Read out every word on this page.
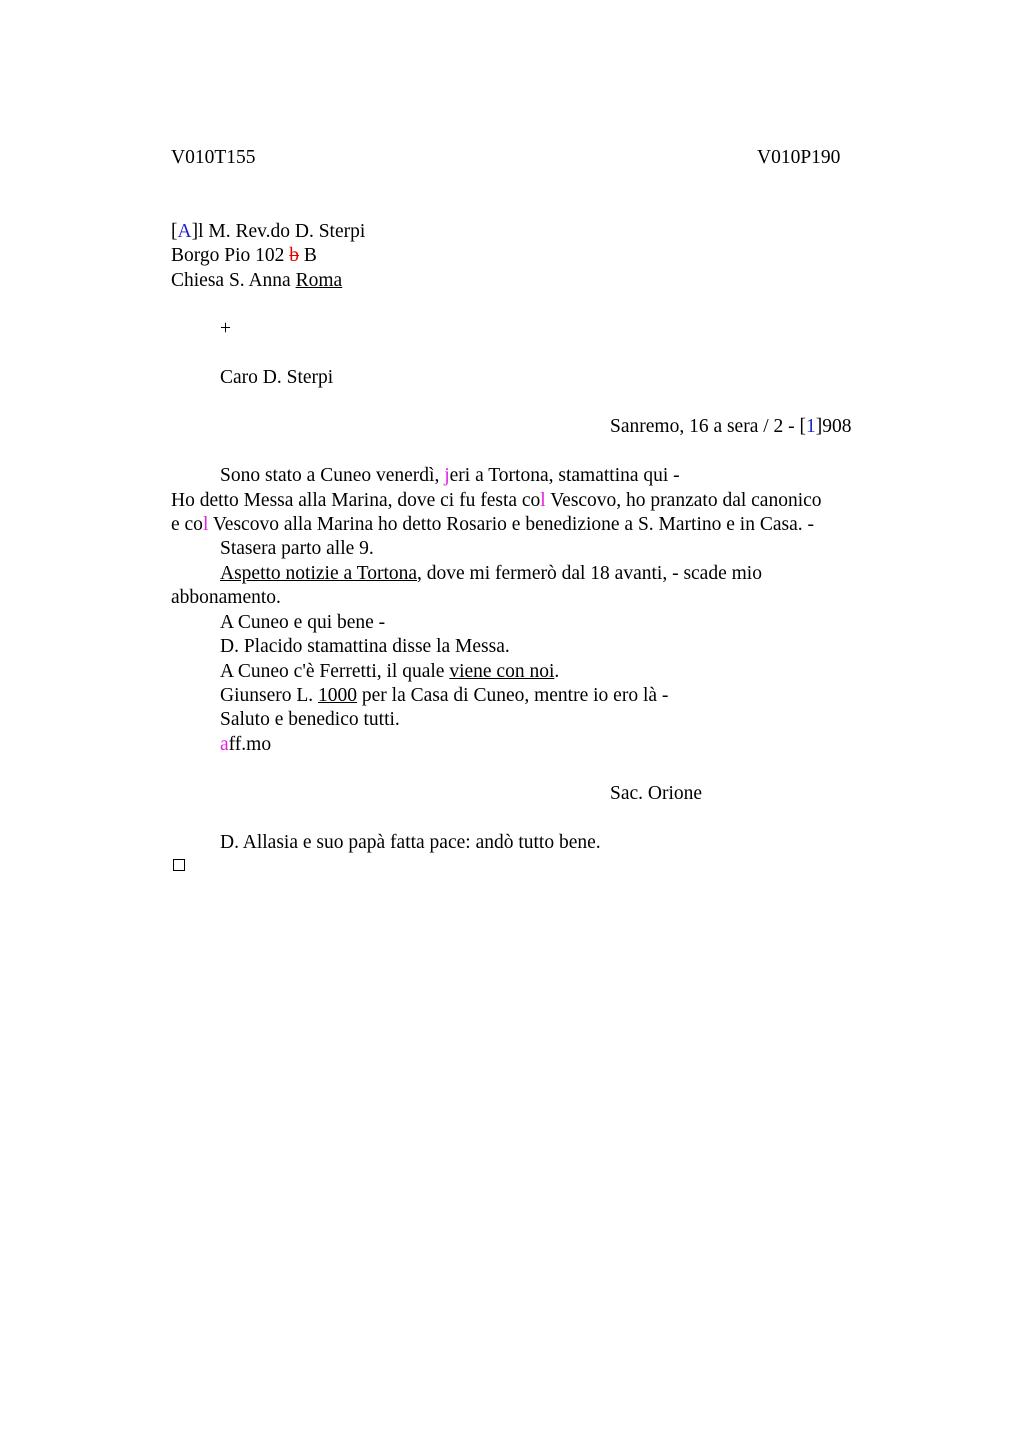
V010T155	V010P190
[A]l M. Rev.do D. Sterpi
Borgo Pio 102 b B
Chiesa S. Anna Roma
+
Caro D. Sterpi
Sanremo, 16 a sera / 2 - [1]908
Sono stato a Cuneo venerdì, jeri a Tortona, stamattina qui -
Ho detto Messa alla Marina, dove ci fu festa col Vescovo, ho pranzato dal canonico
e col Vescovo alla Marina ho detto Rosario e benedizione a S. Martino e in Casa. -
Stasera parto alle 9.
Aspetto notizie a Tortona, dove mi fermerò dal 18 avanti, - scade mio
abbonamento.
A Cuneo e qui bene -
D. Placido stamattina disse la Messa.
A Cuneo c'è Ferretti, il quale viene con noi.
Giunsero L. 1000 per la Casa di Cuneo, mentre io ero là -
Saluto e benedico tutti.
aff.mo
Sac. Orione
D. Allasia e suo papà fatta pace: andò tutto bene.
